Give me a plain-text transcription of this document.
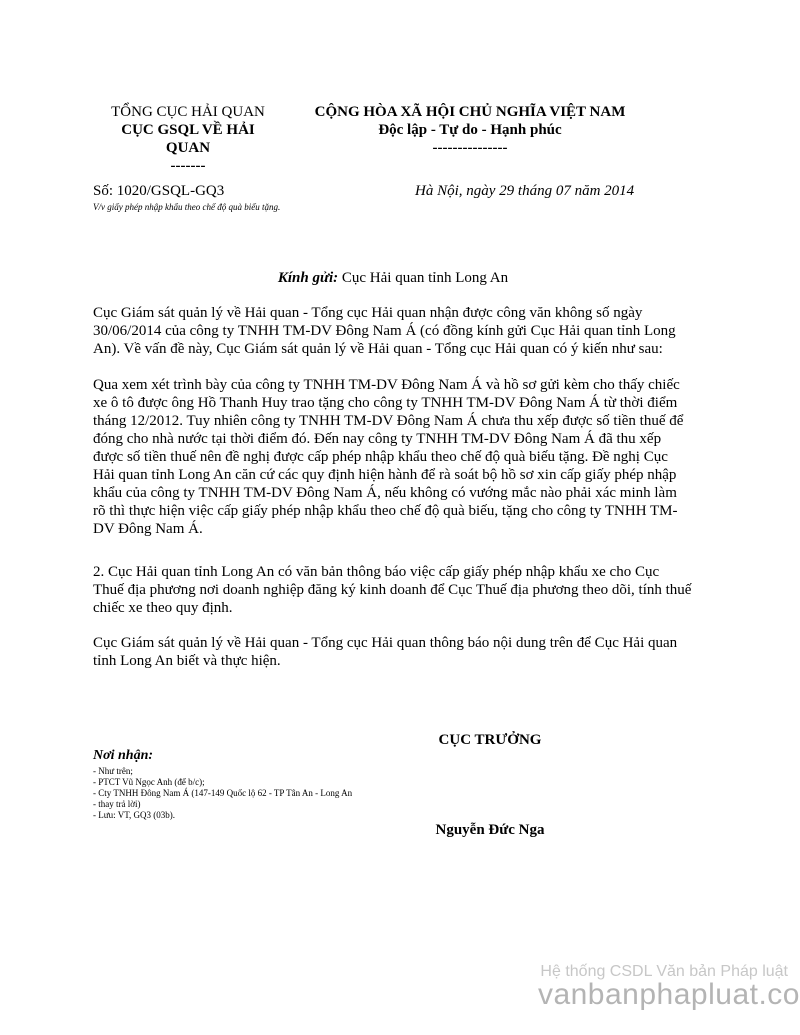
TỔNG CỤC HẢI QUAN
CỤC GSQL VỀ HẢI
QUAN
-------
CỘNG HÒA XÃ HỘI CHỦ NGHĨA VIỆT NAM
Độc lập - Tự do - Hạnh phúc
---------------
Số: 1020/GSQL-GQ3
V/v giấy phép nhập khẩu theo chế độ quà biếu tặng.
Hà Nội, ngày 29 tháng 07 năm 2014
Kính gửi: Cục Hải quan tỉnh Long An
Cục Giám sát quản lý về Hải quan - Tổng cục Hải quan nhận được công văn không số ngày 30/06/2014 của công ty TNHH TM-DV Đông Nam Á (có đồng kính gửi Cục Hải quan tỉnh Long An). Về vấn đề này, Cục Giám sát quản lý về Hải quan - Tổng cục Hải quan có ý kiến như sau:
Qua xem xét trình bày của công ty TNHH TM-DV Đông Nam Á và hồ sơ gửi kèm cho thấy chiếc xe ô tô được ông Hồ Thanh Huy trao tặng cho công ty TNHH TM-DV Đông Nam Á từ thời điểm tháng 12/2012. Tuy nhiên công ty TNHH TM-DV Đông Nam Á chưa thu xếp được số tiền thuế để đóng cho nhà nước tại thời điểm đó. Đến nay công ty TNHH TM-DV Đông Nam Á đã thu xếp được số tiền thuế nên đề nghị được cấp phép nhập khẩu theo chế độ quà biếu tặng. Đề nghị Cục Hải quan tỉnh Long An căn cứ các quy định hiện hành để rà soát bộ hồ sơ xin cấp giấy phép nhập khẩu của công ty TNHH TM-DV Đông Nam Á, nếu không có vướng mắc nào phải xác minh làm rõ thì thực hiện việc cấp giấy phép nhập khẩu theo chế độ quà biếu, tặng cho công ty TNHH TM-DV Đông Nam Á.
2. Cục Hải quan tỉnh Long An có văn bản thông báo việc cấp giấy phép nhập khẩu xe cho Cục Thuế địa phương nơi doanh nghiệp đăng ký kinh doanh để Cục Thuế địa phương theo dõi, tính thuế chiếc xe theo quy định.
Cục Giám sát quản lý về Hải quan - Tổng cục Hải quan thông báo nội dung trên để Cục Hải quan tỉnh Long An biết và thực hiện.
CỤC TRƯỞNG
Nguyễn Đức Nga
Nơi nhận:
- Như trên;
- PTCT Vũ Ngọc Anh (để b/c);
- Cty TNHH Đông Nam Á (147-149 Quốc lộ 62 - TP Tân An - Long An - thay trả lời)
- Lưu: VT, GQ3 (03b).
Hệ thống CSDL Văn bản Pháp luật
vanbanphapluat.co
